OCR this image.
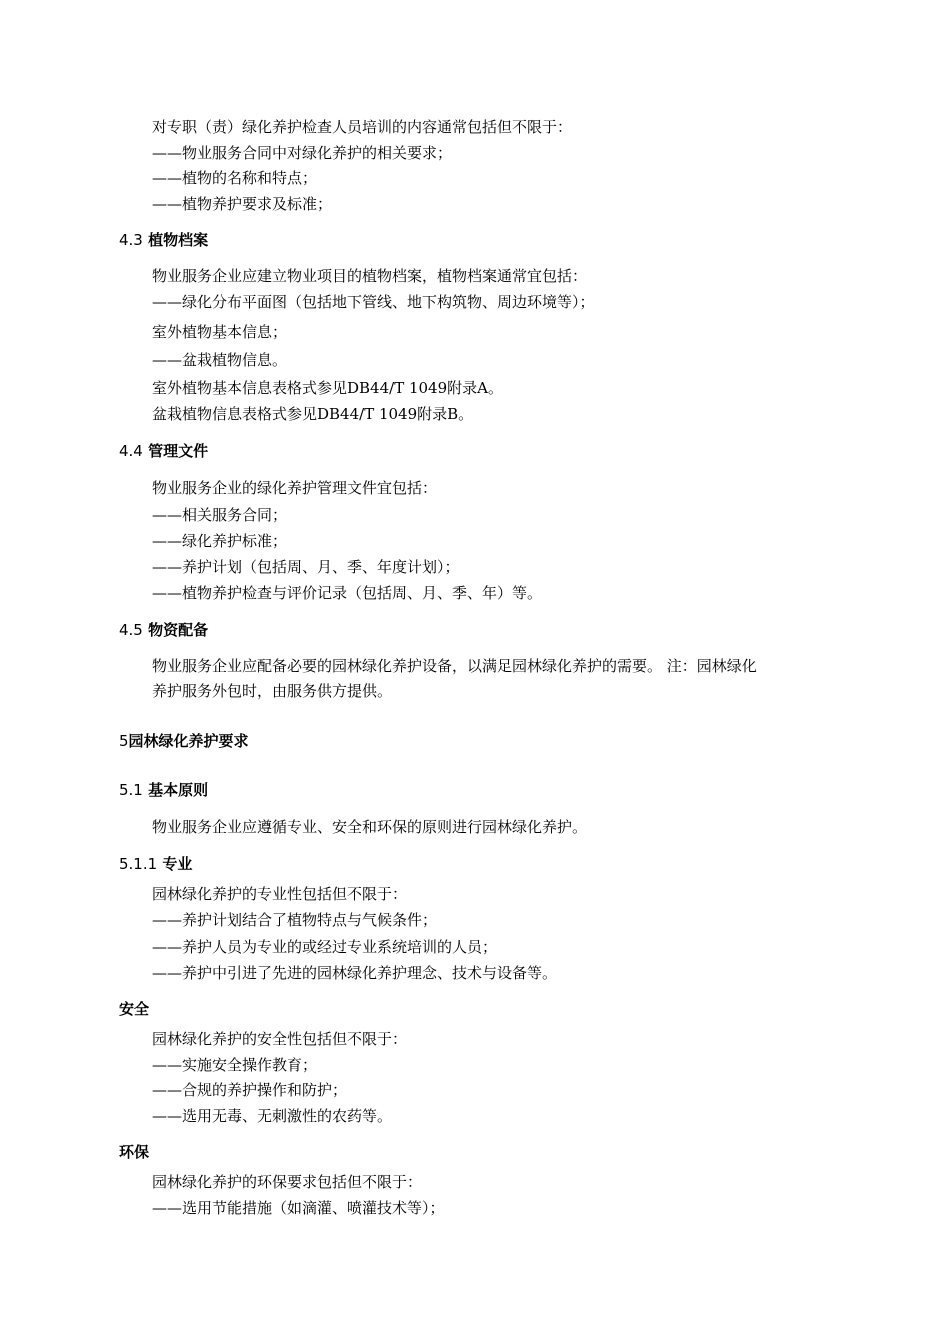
对专职（责）绿化养护检查人员培训的内容通常包括但不限于：
——物业服务合同中对绿化养护的相关要求；
——植物的名称和特点；
——植物养护要求及标准；
4.3 植物档案
物业服务企业应建立物业项目的植物档案，植物档案通常宜包括：
——绿化分布平面图（包括地下管线、地下构筑物、周边环境等）；
室外植物基本信息；
——盆栽植物信息。
室外植物基本信息表格式参见DB44/T 1049附录A。
盆栽植物信息表格式参见DB44/T 1049附录B。
4.4 管理文件
物业服务企业的绿化养护管理文件宜包括：
——相关服务合同；
——绿化养护标准；
——养护计划（包括周、月、季、年度计划）；
——植物养护检查与评价记录（包括周、月、季、年）等。
4.5 物资配备
物业服务企业应配备必要的园林绿化养护设备，以满足园林绿化养护的需要。 注：园林绿化
养护服务外包时，由服务供方提供。
5园林绿化养护要求
5.1 基本原则
物业服务企业应遵循专业、安全和环保的原则进行园林绿化养护。
5.1.1 专业
园林绿化养护的专业性包括但不限于：
——养护计划结合了植物特点与气候条件；
——养护人员为专业的或经过专业系统培训的人员；
——养护中引进了先进的园林绿化养护理念、技术与设备等。
安全
园林绿化养护的安全性包括但不限于：
——实施安全操作教育；
——合规的养护操作和防护；
——选用无毒、无刺激性的农药等。
环保
园林绿化养护的环保要求包括但不限于：
——选用节能措施（如滴灌、喷灌技术等）；
